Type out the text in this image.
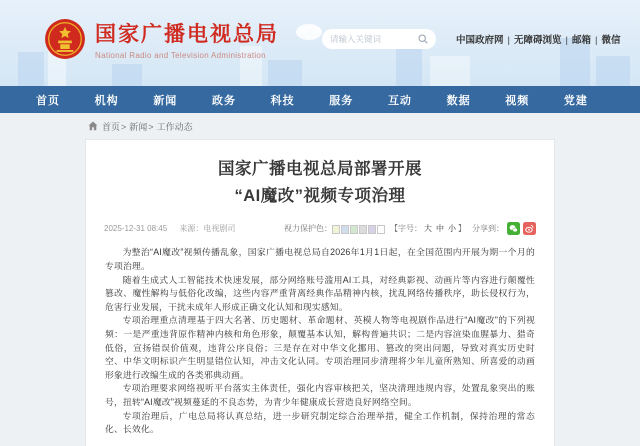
国家广播电视总局
National Radio and Television Administration
请输入关键词
中国政府网 | 无障碍浏览 | 邮箱 | 微信
首页	机构	新闻	政务	科技	服务	互动	数据	视频	党建
首页> 新闻> 工作动态
国家广播电视总局部署开展
“AI魔改”视频专项治理
2025-12-31 08:45 来源：电视剧司	视力保护色：	【字号： 大 中 小 】 分享到：

为整治“AI魔改”视频传播乱象，国家广播电视总局自2026年1月1日起，在全国范围内开展为期一个月的专项治理。

随着生成式人工智能技术快速发展，部分网络账号滥用AI工具，对经典影视、动画片等内容进行颠覆性篡改、魔性解构与低俗化改编，这些内容严重背离经典作品精神内核，扰乱网络传播秩序，助长侵权行为，危害行业发展，干扰未成年人形成正确文化认知和现实感知。

专项治理重点清理基于四大名著、历史题材、革命题材、英模人物等电视剧作品进行“AI魔改”的下列视频：一是严重违背原作精神内核和角色形象，颠覆基本认知，解构普遍共识；二是内容渲染血腥暴力、猎奇低俗，宣扬错误价值观，违背公序良俗；三是存在对中华文化挪用、篡改的突出问题，导致对真实历史时空、中华文明标识产生明显错位认知，冲击文化认同。专项治理同步清理将少年儿童所熟知、所喜爱的动画形象进行改编生成的各类邪典动画。

专项治理要求网络视听平台落实主体责任，强化内容审核把关，坚决清理违规内容，处置乱象突出的账号，扭转“AI魔改”视频蔓延的不良态势，为青少年健康成长营造良好网络空间。

专项治理后，广电总局将认真总结，进一步研究制定综合治理举措，健全工作机制，保持治理的常态化、长效化。
